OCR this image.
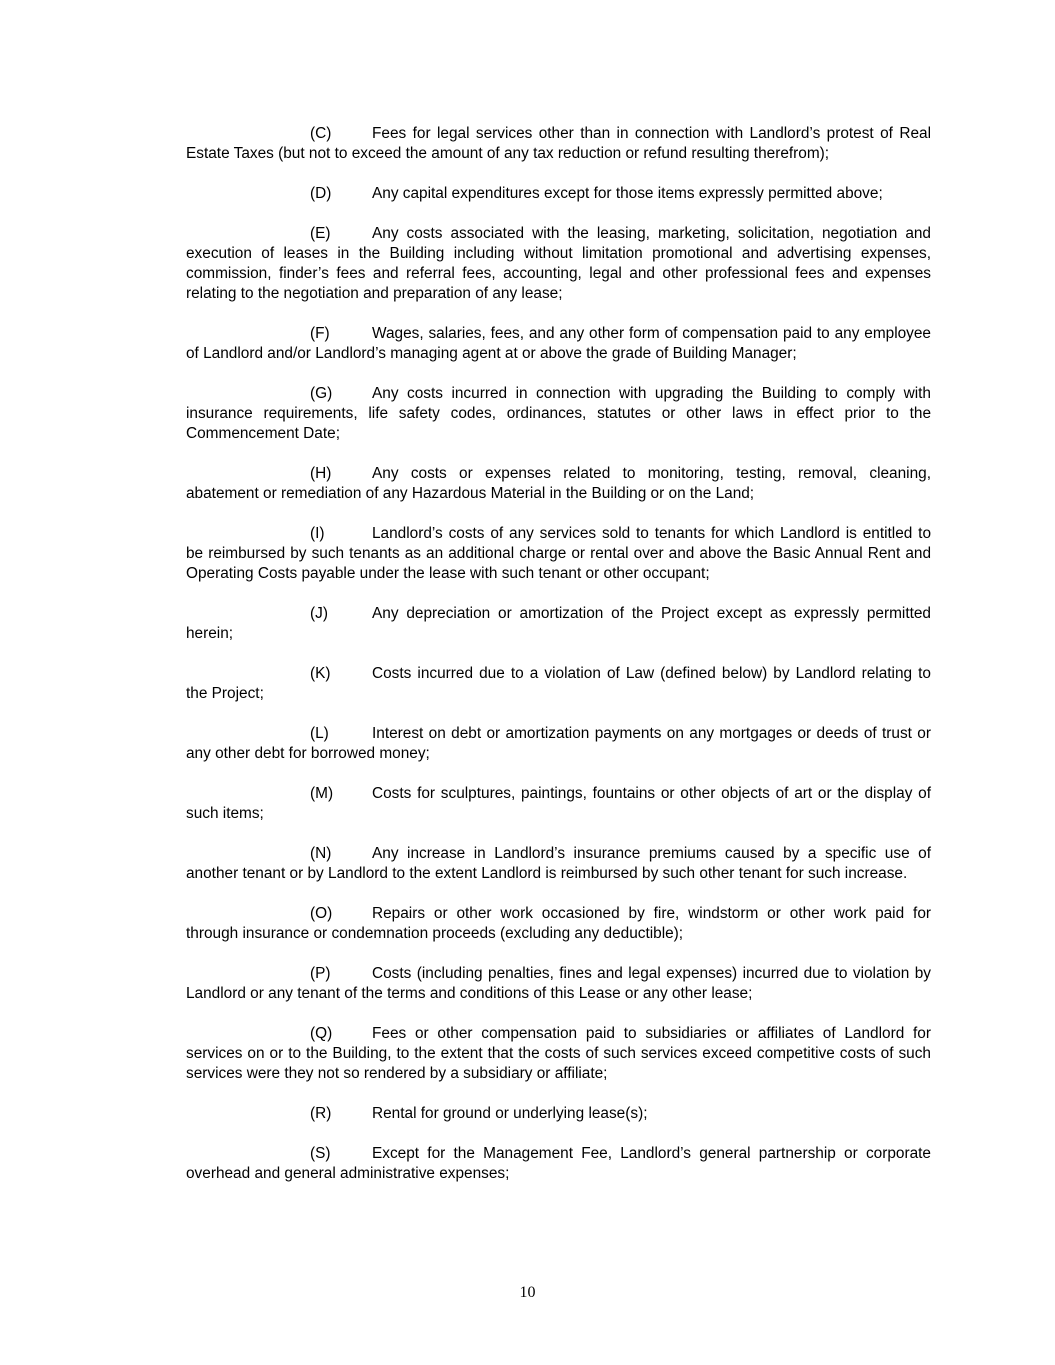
(C)	Fees for legal services other than in connection with Landlord’s protest of Real Estate Taxes (but not to exceed the amount of any tax reduction or refund resulting therefrom);

(D)	Any capital expenditures except for those items expressly permitted above;

(E)	Any costs associated with the leasing, marketing, solicitation, negotiation and execution of leases in the Building including without limitation promotional and advertising expenses, commission, finder’s fees and referral fees, accounting, legal and other professional fees and expenses relating to the negotiation and preparation of any lease;

(F)	Wages, salaries, fees, and any other form of compensation paid to any employee of Landlord and/or Landlord’s managing agent at or above the grade of Building Manager;

(G)	Any costs incurred in connection with upgrading the Building to comply with insurance requirements, life safety codes, ordinances, statutes or other laws in effect prior to the Commencement Date;

(H)	Any costs or expenses related to monitoring, testing, removal, cleaning, abatement or remediation of any Hazardous Material in the Building or on the Land;

(I)	Landlord’s costs of any services sold to tenants for which Landlord is entitled to be reimbursed by such tenants as an additional charge or rental over and above the Basic Annual Rent and Operating Costs payable under the lease with such tenant or other occupant;

(J)	Any depreciation or amortization of the Project except as expressly permitted herein;

(K)	Costs incurred due to a violation of Law (defined below) by Landlord relating to the Project;

(L)	Interest on debt or amortization payments on any mortgages or deeds of trust or any other debt for borrowed money;

(M)	Costs for sculptures, paintings, fountains or other objects of art or the display of such items;

(N)	Any increase in Landlord’s insurance premiums caused by a specific use of another tenant or by Landlord to the extent Landlord is reimbursed by such other tenant for such increase.

(O)	Repairs or other work occasioned by fire, windstorm or other work paid for through insurance or condemnation proceeds (excluding any deductible);

(P)	Costs (including penalties, fines and legal expenses) incurred due to violation by Landlord or any tenant of the terms and conditions of this Lease or any other lease;

(Q)	Fees or other compensation paid to subsidiaries or affiliates of Landlord for services on or to the Building, to the extent that the costs of such services exceed competitive costs of such services were they not so rendered by a subsidiary or affiliate;

(R)	Rental for ground or underlying lease(s);

(S)	Except for the Management Fee, Landlord’s general partnership or corporate overhead and general administrative expenses;

10
